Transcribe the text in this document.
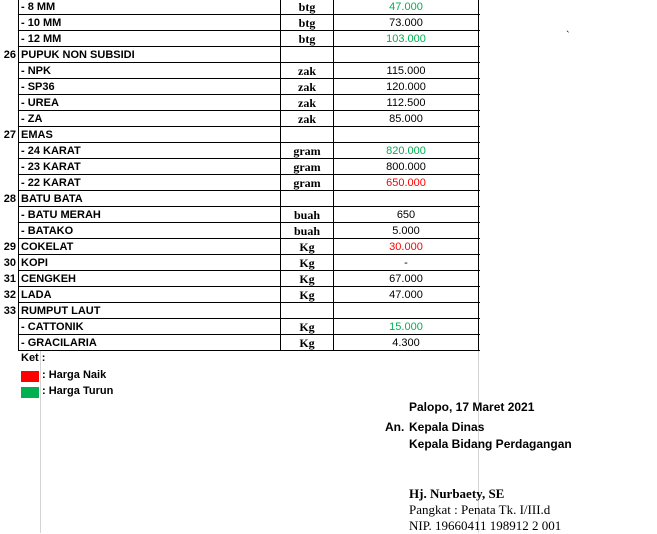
- 8 MM	btg	47.000
- 10 MM	btg	73.000
- 12 MM	btg	103.000
26 PUPUK NON SUBSIDI
- NPK	zak	115.000
- SP36	zak	120.000
- UREA	zak	112.500
- ZA	zak	85.000
27 EMAS
- 24 KARAT	gram	820.000
- 23 KARAT	gram	800.000
- 22 KARAT	gram	650.000
28 BATU BATA
- BATU MERAH	buah	650
- BATAKO	buah	5.000
29 COKELAT	Kg	30.000
30 KOPI	Kg	-
31 CENGKEH	Kg	67.000
32 LADA	Kg	47.000
33 RUMPUT LAUT
- CATTONIK	Kg	15.000
- GRACILARIA	Kg	4.300
`
Ket :
: Harga Naik
: Harga Turun
Palopo, 17 Maret 2021
An. Kepala Dinas
Kepala Bidang Perdagangan
Hj. Nurbaety, SE
Pangkat : Penata Tk. I/III.d
NIP. 19660411 198912 2 001
